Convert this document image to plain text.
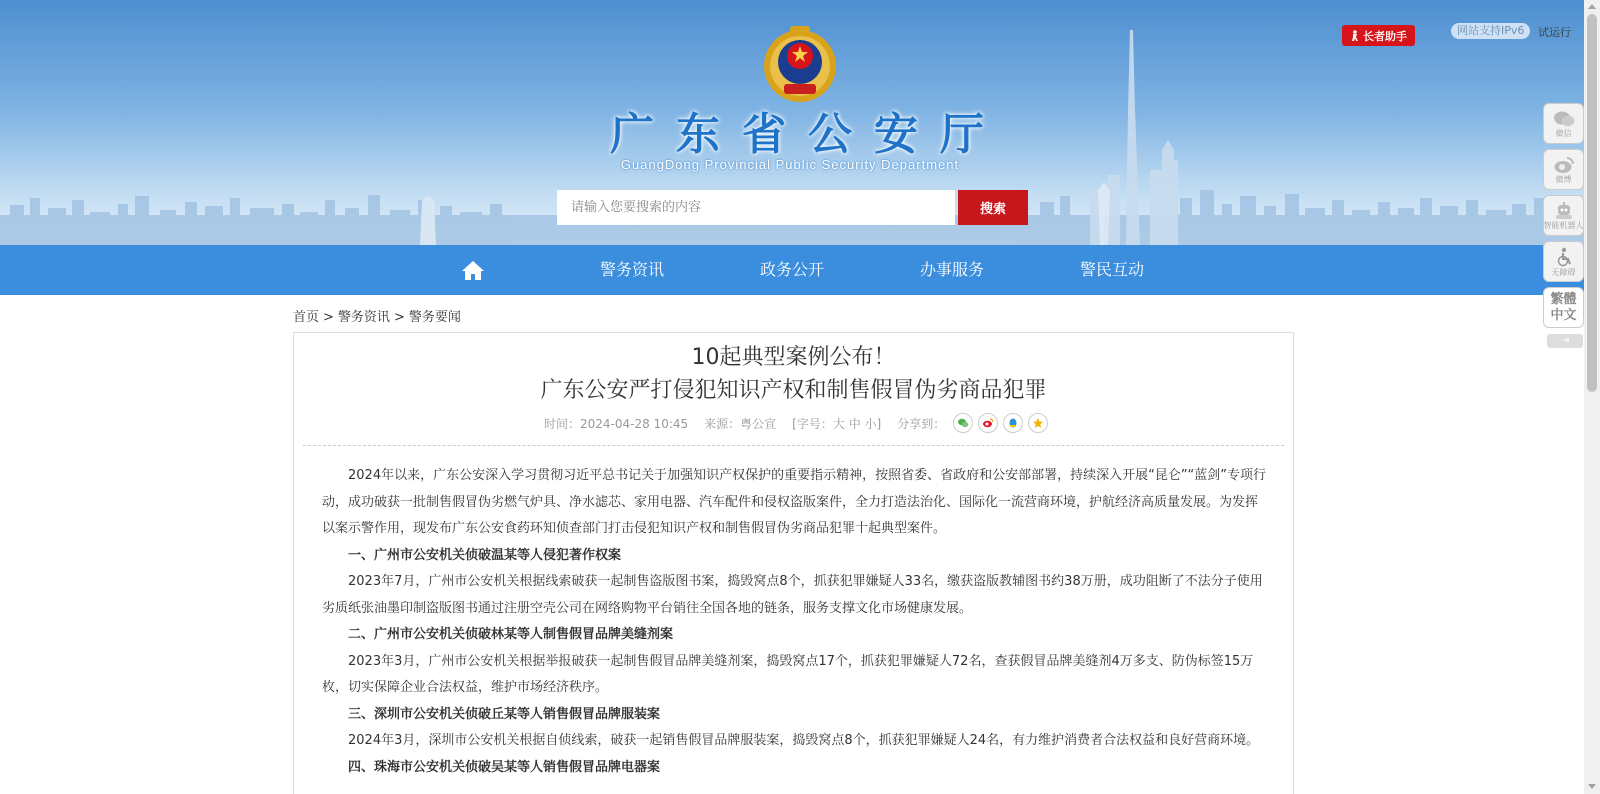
广东省公安厅
GuangDong Provincial Public Security Department
请输入您要搜索的内容
搜索
长者助手	网站支持IPv6	试运行
警务资讯	政务公开	办事服务	警民互动
首页 > 警务资讯 > 警务要闻
10起典型案例公布！
广东公安严打侵犯知识产权和制售假冒伪劣商品犯罪
时间：2024-04-28 10:45 来源：粤公宣 [字号：大 中 小] 分享到：

2024年以来，广东公安深入学习贯彻习近平总书记关于加强知识产权保护的重要指示精神，按照省委、省政府和公安部部署，持续深入开展“昆仑”“蓝剑”专项行动，成功破获一批制售假冒伪劣燃气炉具、净水滤芯、家用电器、汽车配件和侵权盗版案件，全力打造法治化、国际化一流营商环境，护航经济高质量发展。为发挥以案示警作用，现发布广东公安食药环知侦查部门打击侵犯知识产权和制售假冒伪劣商品犯罪十起典型案件。

一、广州市公安机关侦破温某等人侵犯著作权案

2023年7月，广州市公安机关根据线索破获一起制售盗版图书案，捣毁窝点8个，抓获犯罪嫌疑人33名，缴获盗版教辅图书约38万册，成功阻断了不法分子使用劣质纸张油墨印制盗版图书通过注册空壳公司在网络购物平台销往全国各地的链条，服务支撑文化市场健康发展。

二、广州市公安机关侦破林某等人制售假冒品牌美缝剂案

2023年3月，广州市公安机关根据举报破获一起制售假冒品牌美缝剂案，捣毁窝点17个，抓获犯罪嫌疑人72名，查获假冒品牌美缝剂4万多支、防伪标签15万枚，切实保障企业合法权益，维护市场经济秩序。

三、深圳市公安机关侦破丘某等人销售假冒品牌服装案

2024年3月，深圳市公安机关根据自侦线索，破获一起销售假冒品牌服装案，捣毁窝点8个，抓获犯罪嫌疑人24名，有力维护消费者合法权益和良好营商环境。

四、珠海市公安机关侦破吴某等人销售假冒品牌电器案

微信
微博
智能机器人
无障碍
繁體中文
⇥
